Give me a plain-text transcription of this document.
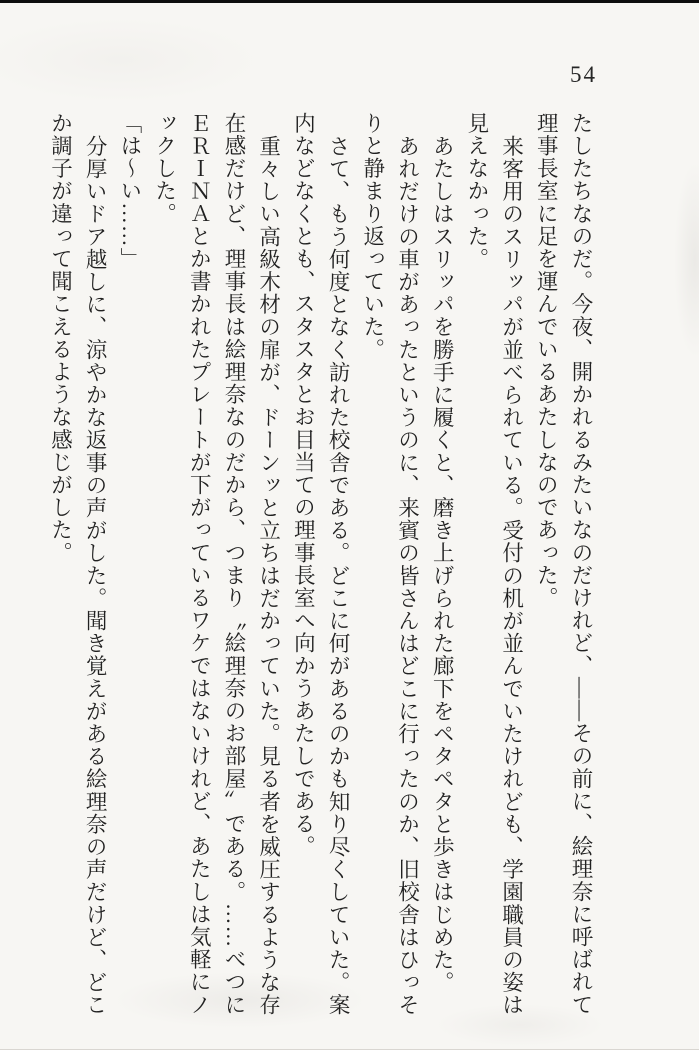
54

たしたちなのだ。今夜、開かれるみたいなのだけれど、――その前に、絵理奈に呼ばれて理事長室に足を運んでいるあたしなのであった。

来客用のスリッパが並べられている。受付の机が並んでいたけれども、学園職員の姿は見えなかった。

あたしはスリッパを勝手に履くと、磨き上げられた廊下をペタペタと歩きはじめた。

あれだけの車があったというのに、来賓の皆さんはどこに行ったのか、旧校舎はひっそりと静まり返っていた。

さて、もう何度となく訪れた校舎である。どこに何があるのかも知り尽くしていた。案内などなくとも、スタスタとお目当ての理事長室へ向かうあたしである。

重々しい高級木材の扉が、ドーンッと立ちはだかっていた。見る者を威圧するような存在感だけど、理事長は絵理奈なのだから、つまり〝絵理奈のお部屋〟である。……べつにＥＲＩＮＡとか書かれたプレートが下がっているワケではないけれど、あたしは気軽にノックした。

「は〜い……」

分厚いドア越しに、涼やかな返事の声がした。聞き覚えがある絵理奈の声だけど、どこか調子が違って聞こえるような感じがした。
